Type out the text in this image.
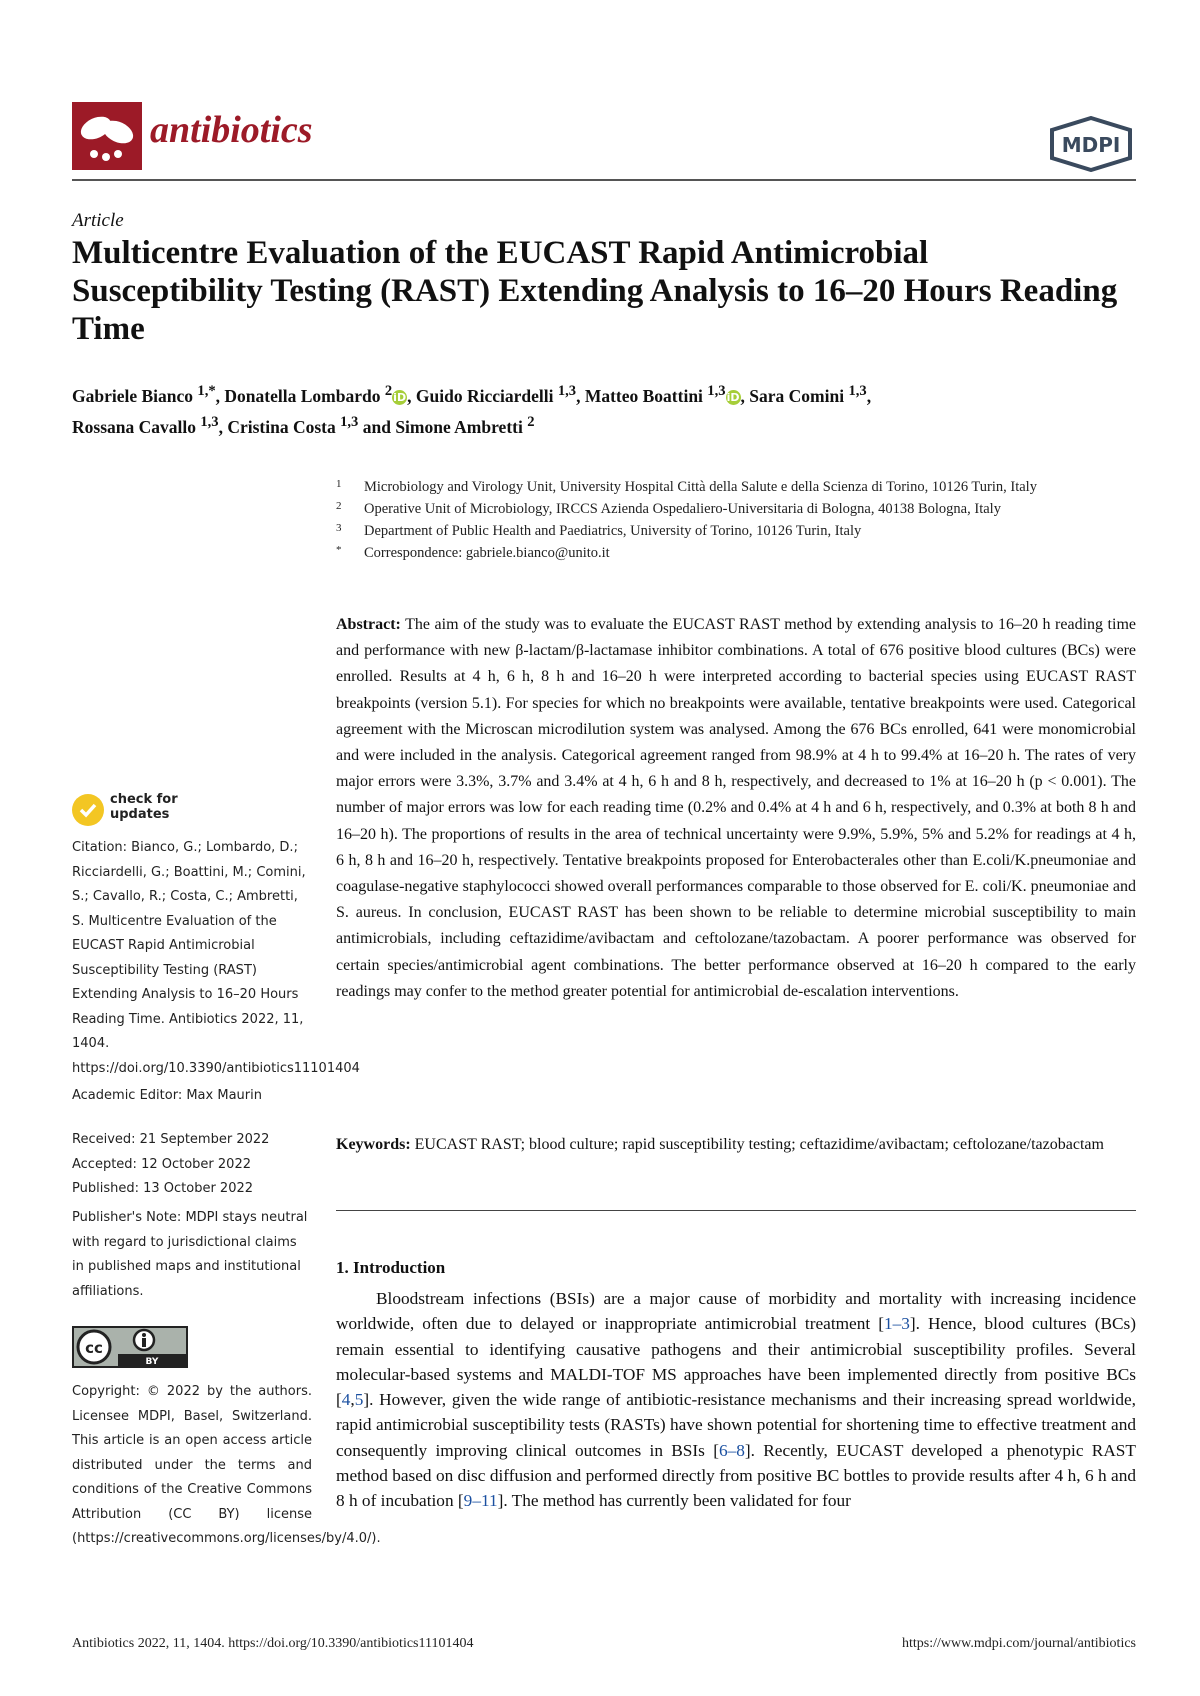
antibiotics	MDPI
Article
Multicentre Evaluation of the EUCAST Rapid Antimicrobial Susceptibility Testing (RAST) Extending Analysis to 16–20 Hours Reading Time
Gabriele Bianco $^{1,*}$, Donatella Lombardo $^2$iD, Guido Ricciardelli $^{1,3}$, Matteo Boattini $^{1,3}$iD, Sara Comini $^{1,3}$,
Rossana Cavallo $^{1,3}$, Cristina Costa $^{1,3}$ and Simone Ambretti $^2$
1	Microbiology and Virology Unit, University Hospital Città della Salute e della Scienza di Torino, 10126 Turin, Italy
2	Operative Unit of Microbiology, IRCCS Azienda Ospedaliero-Universitaria di Bologna, 40138 Bologna, Italy
3	Department of Public Health and Paediatrics, University of Torino, 10126 Turin, Italy
*	Correspondence: gabriele.bianco@unito.it

Abstract: The aim of the study was to evaluate the EUCAST RAST method by extending analysis to 16–20 h reading time and performance with new β-lactam/β-lactamase inhibitor combinations. A total of 676 positive blood cultures (BCs) were enrolled. Results at 4 h, 6 h, 8 h and 16–20 h were interpreted according to bacterial species using EUCAST RAST breakpoints (version 5.1). For species for which no breakpoints were available, tentative breakpoints were used. Categorical agreement with the Microscan microdilution system was analysed. Among the 676 BCs enrolled, 641 were monomicrobial and were included in the analysis. Categorical agreement ranged from 98.9% at 4 h to 99.4% at 16–20 h. The rates of very major errors were 3.3%, 3.7% and 3.4% at 4 h, 6 h and 8 h, respectively, and decreased to 1% at 16–20 h (p < 0.001). The number of major errors was low for each reading time (0.2% and 0.4% at 4 h and 6 h, respectively, and 0.3% at both 8 h and 16–20 h). The proportions of results in the area of technical uncertainty were 9.9%, 5.9%, 5% and 5.2% for readings at 4 h, 6 h, 8 h and 16–20 h, respectively. Tentative breakpoints proposed for Enterobacterales other than E.coli/K.pneumoniae and coagulase-negative staphylococci showed overall performances comparable to those observed for E. coli/K. pneumoniae and S. aureus. In conclusion, EUCAST RAST has been shown to be reliable to determine microbial susceptibility to main antimicrobials, including ceftazidime/avibactam and ceftolozane/tazobactam. A poorer performance was observed for certain species/antimicrobial agent combinations. The better performance observed at 16–20 h compared to the early readings may confer to the method greater potential for antimicrobial de-escalation interventions.

Keywords: EUCAST RAST; blood culture; rapid susceptibility testing; ceftazidime/avibactam; ceftolozane/tazobactam

1. Introduction

Bloodstream infections (BSIs) are a major cause of morbidity and mortality with increasing incidence worldwide, often due to delayed or inappropriate antimicrobial treatment [1–3]. Hence, blood cultures (BCs) remain essential to identifying causative pathogens and their antimicrobial susceptibility profiles. Several molecular-based systems and MALDI-TOF MS approaches have been implemented directly from positive BCs [4,5]. However, given the wide range of antibiotic-resistance mechanisms and their increasing spread worldwide, rapid antimicrobial susceptibility tests (RASTs) have shown potential for shortening time to effective treatment and consequently improving clinical outcomes in BSIs [6–8]. Recently, EUCAST developed a phenotypic RAST method based on disc diffusion and performed directly from positive BC bottles to provide results after 4 h, 6 h and 8 h of incubation [9–11]. The method has currently been validated for four

check for updates
Citation: Bianco, G.; Lombardo, D.; Ricciardelli, G.; Boattini, M.; Comini, S.; Cavallo, R.; Costa, C.; Ambretti, S. Multicentre Evaluation of the EUCAST Rapid Antimicrobial Susceptibility Testing (RAST) Extending Analysis to 16–20 Hours Reading Time. Antibiotics 2022, 11, 1404. https://doi.org/10.3390/antibiotics11101404
Academic Editor: Max Maurin
Received: 21 September 2022
Accepted: 12 October 2022
Published: 13 October 2022
Publisher's Note: MDPI stays neutral with regard to jurisdictional claims in published maps and institutional affiliations.
cc
BY
Copyright: © 2022 by the authors. Licensee MDPI, Basel, Switzerland. This article is an open access article distributed under the terms and conditions of the Creative Commons Attribution (CC BY) license (https://creativecommons.org/licenses/by/4.0/).
Antibiotics 2022, 11, 1404. https://doi.org/10.3390/antibiotics11101404	https://www.mdpi.com/journal/antibiotics
